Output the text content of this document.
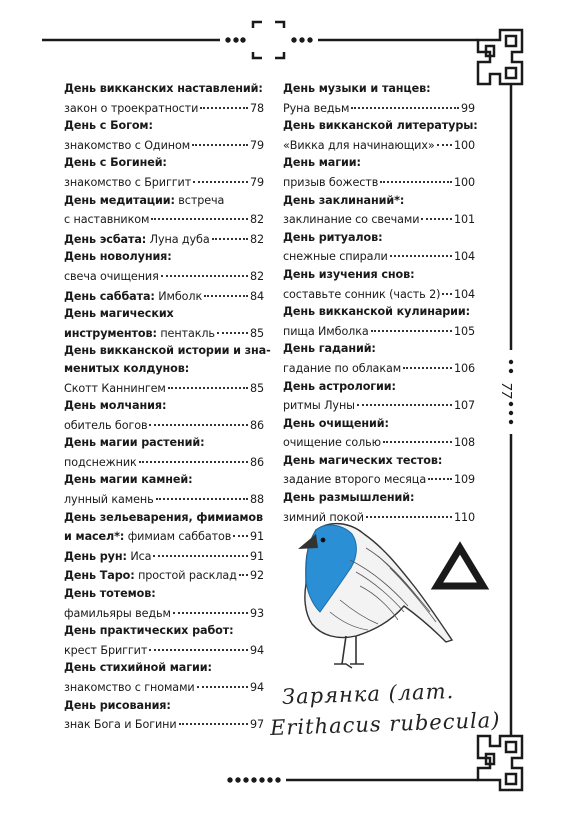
День викканских наставлений:
закон о троекратности	78
День с Богом:
знакомство с Одином	79
День с Богиней:
знакомство с Бриггит	79
День медитации: встреча
с наставником	82
День эсбата: Луна дуба	82
День новолуния:
свеча очищения	82
День саббата: Имболк	84
День магических
инструментов: пентакль	85
День викканской истории и зна-
менитых колдунов:
Скотт Каннингем	85
День молчания:
обитель богов	86
День магии растений:
подснежник	86
День магии камней:
лунный камень	88
День зельеварения, фимиамов
и масел*: фимиам саббатов 91
День рун: Иса	91
День Таро: простой расклад 92
День тотемов:
фамильяры ведьм	93
День практических работ:
крест Бриггит	94
День стихийной магии:
знакомство с гномами	94
День рисования:
знак Бога и Богини	97
День музыки и танцев:
Руна ведьм	99
День викканской литературы:
«Викка для начинающих» 100
День магии:
призыв божеств	100
День заклинаний*:
заклинание со свечами	101
День ритуалов:
снежные спирали	104
День изучения снов:
составьте сонник (часть 2) 104
День викканской кулинарии:
пища Имболка	105
День гаданий:
гадание по облакам	106
День астрологии:
ритмы Луны	107
День очищений:
очищение солью	108
День магических тестов:
задание второго месяца 109
День размышлений:
зимний покой	110
77
Зарянка (лат.
Erithacus rubecula)
